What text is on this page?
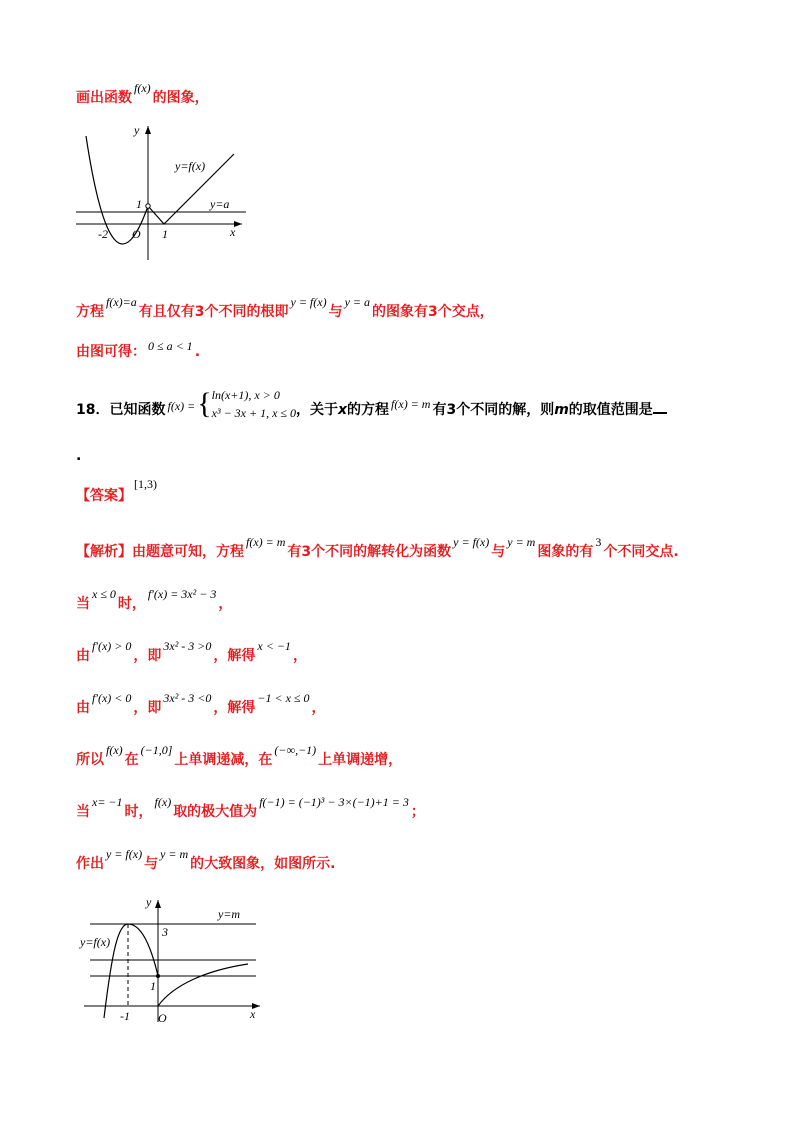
画出函数f(x)的图象，
y
x
y=f(x)
y=a
1
-2 O 1
方程f(x)=a有且仅有3个不同的根即y = f(x)与y = a的图象有3个交点，
由图可得： 0 ≤ a < 1 .
18．已知函数 f(x) ={ln(x+1), x > 0
x³ − 3x + 1, x ≤ 0，关于x的方程 f(x) = m 有3个不同的解，则m的取值范围是
.
【答案】[1,3)
【解析】由题意可知，方程f(x) = m有3个不同的解转化为函数y = f(x)与y = m图象的有3个不同交点.
当x ≤ 0时，f′(x) = 3x² − 3，
由f′(x) > 0，即3x² - 3 >0，解得x < −1，
由f′(x) < 0，即3x² - 3 <0，解得−1 < x ≤ 0，
所以f(x)在(−1,0]上单调递减，在(−∞,−1)上单调递增，
当x= −1时，f(x)取的极大值为f(−1) = (−1)³ − 3×(−1)+1 = 3；
作出y = f(x)与y = m的大致图象，如图所示.
y
x
y=m
y=f(x)
3
1
-1 O
